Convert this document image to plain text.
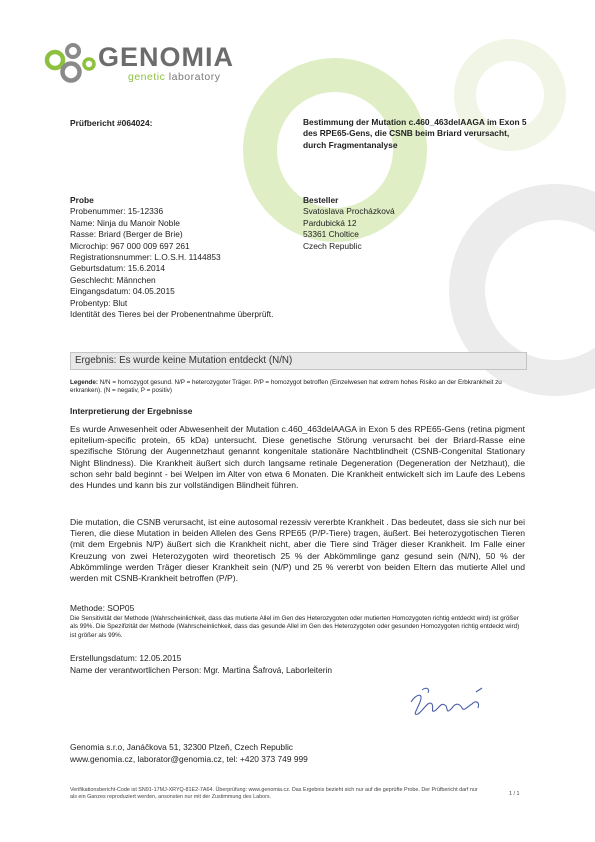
GENOMIA
genetic laboratory
Prüfbericht #064024:	Bestimmung der Mutation c.460_463delAAGA im Exon 5 des RPE65-Gens, die CSNB beim Briard verursacht, durch Fragmentanalyse
Probe
Probenummer: 15-12336
Name: Ninja du Manoir Noble
Rasse: Briard (Berger de Brie)
Microchip: 967 000 009 697 261
Registrationsnummer: L.O.S.H. 1144853
Geburtsdatum: 15.6.2014
Geschlecht: Männchen
Eingangsdatum: 04.05.2015
Probentyp: Blut
Identität des Tieres bei der Probenentnahme überprüft.
Besteller
Svatoslava Procházková
Pardubická 12
53361 Choltice
Czech Republic
Ergebnis: Es wurde keine Mutation entdeckt (N/N)
Legende: N/N = homozygot gesund. N/P = heterozygoter Träger. P/P = homozygot betroffen (Einzelwesen hat extrem hohes Risiko an der Erbkrankheit zu erkranken). (N = negativ, P = positiv)
Interpretierung der Ergebnisse
Es wurde Anwesenheit oder Abwesenheit der Mutation c.460_463delAAGA in Exon 5 des RPE65-Gens (retina pigment epitelium-specific protein, 65 kDa) untersucht. Diese genetische Störung verursacht bei der Briard-Rasse eine spezifische Störung der Augennetzhaut genannt kongenitale stationäre Nachtblindheit (CSNB-Congenital Stationary Night Blindness). Die Krankheit äußert sich durch langsame retinale Degeneration (Degeneration der Netzhaut), die schon sehr bald beginnt - bei Welpen im Alter von etwa 6 Monaten. Die Krankheit entwickelt sich im Laufe des Lebens des Hundes und kann bis zur vollständigen Blindheit führen.
Die mutation, die CSNB verursacht, ist eine autosomal rezessiv vererbte Krankheit . Das bedeutet, dass sie sich nur bei Tieren, die diese Mutation in beiden Allelen des Gens RPE65 (P/P-Tiere) tragen, äußert. Bei heterozygotischen Tieren (mit dem Ergebnis N/P) äußert sich die Krankheit nicht, aber die Tiere sind Träger dieser Krankheit. Im Falle einer Kreuzung von zwei Heterozygoten wird theoretisch 25 % der Abkömmlinge ganz gesund sein (N/N), 50 % der Abkömmlinge werden Träger dieser Krankheit sein (N/P) und 25 % vererbt von beiden Eltern das mutierte Allel und werden mit CSNB-Krankheit betroffen (P/P).
Methode: SOP05
Die Sensitivität der Methode (Wahrscheinlichkeit, dass das mutierte Allel im Gen des Heterozygoten oder mutierten Homozygoten richtig entdeckt wird) ist größer als 99%. Die Spezifizität der Methode (Wahrscheinlichkeit, dass das gesunde Allel im Gen des Heterozygoten oder gesunden Homozygoten richtig entdeckt wird) ist größer als 99%.
Erstellungsdatum: 12.05.2015
Name der verantwortlichen Person: Mgr. Martina Šafrová, Laborleiterin
Genomia s.r.o, Janáčkova 51, 32300 Plzeň, Czech Republic
www.genomia.cz, laborator@genomia.cz, tel: +420 373 749 999
Verifikationsbericht-Code ist SN91-17MJ-XRYQ-81E2-7A64. Überprüfung: www.genomia.cz. Das Ergebnis bezieht sich nur auf die geprüfte Probe. Der Prüfbericht darf nur als ein Ganzes reproduziert werden, ansonsten nur mit der Zustimmung des Labors.
1 / 1
